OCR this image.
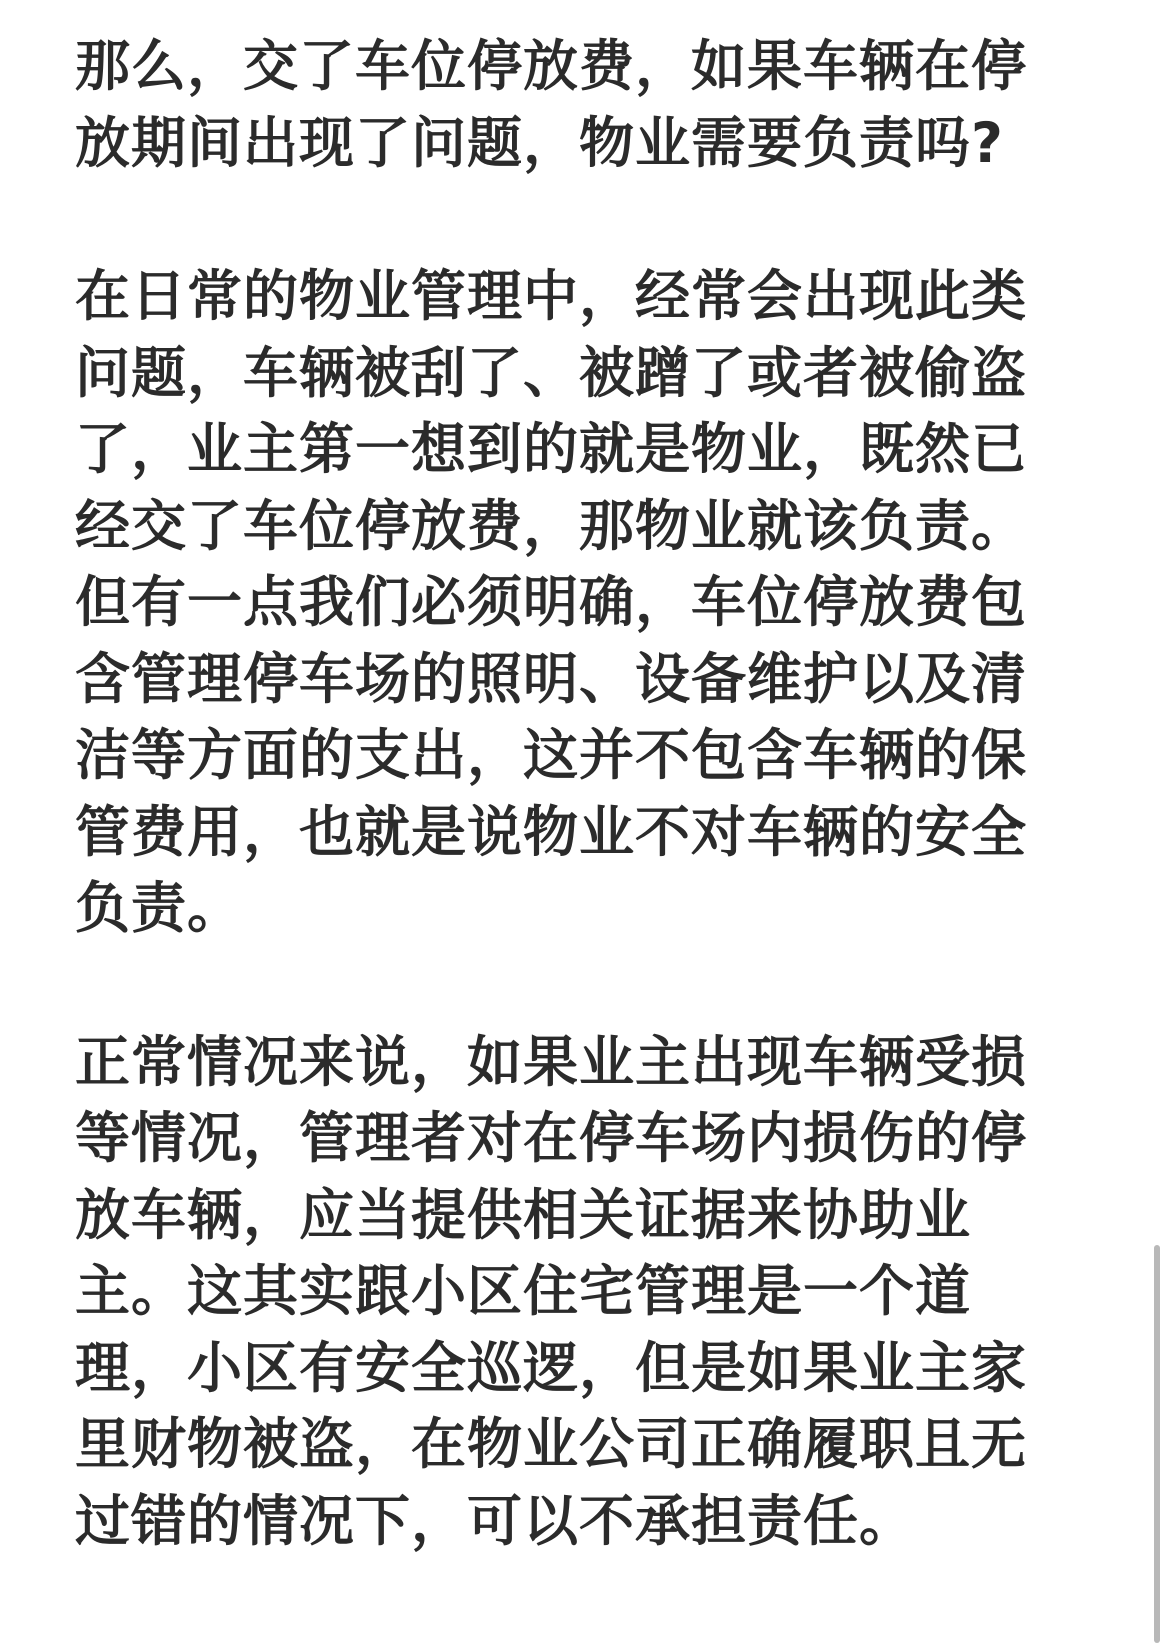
那么，交了车位停放费，如果车辆在停
放期间出现了问题，物业需要负责吗?

在日常的物业管理中，经常会出现此类
问题，车辆被刮了、被蹭了或者被偷盗
了，业主第一想到的就是物业，既然已
经交了车位停放费，那物业就该负责。
但有一点我们必须明确，车位停放费包
含管理停车场的照明、设备维护以及清
洁等方面的支出，这并不包含车辆的保
管费用，也就是说物业不对车辆的安全
负责。

正常情况来说，如果业主出现车辆受损
等情况，管理者对在停车场内损伤的停
放车辆，应当提供相关证据来协助业
主。这其实跟小区住宅管理是一个道
理，小区有安全巡逻，但是如果业主家
里财物被盗，在物业公司正确履职且无
过错的情况下，可以不承担责任。
